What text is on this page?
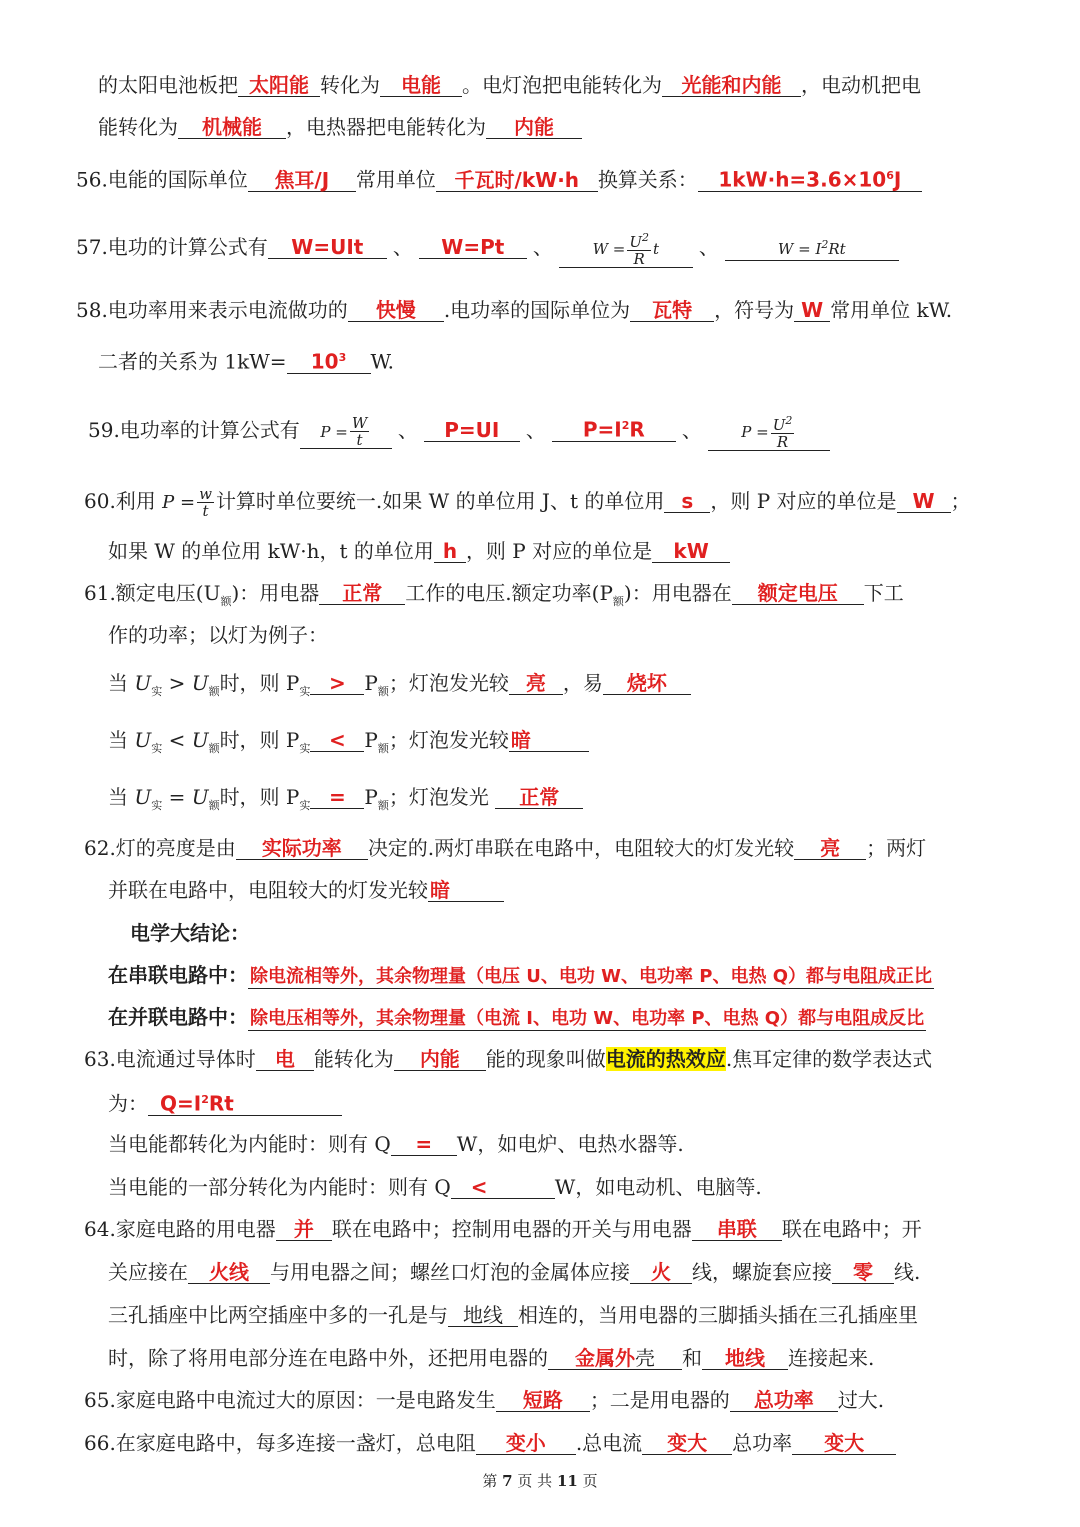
的太阳电池板把 太阳能 转化为 电能 。电灯泡把电能转化为 光能和内能 ，电动机把电
能转化为 机械能 ，电热器把电能转化为 内能
56.电能的国际单位 焦耳/J 常用单位 千瓦时/kW·h 换算关系： $1kW\cdot h=3.6\times 10^6J$
57.电功的计算公式有 W=UIt 、 W=Pt 、	$W = \frac{U^2}{R}$ t 、	$W = I^2Rt$
58.电功率用来表示电流做功的 快慢 .电功率的国际单位为 瓦特 ，符号为 W 常用单位 kW.
二者的关系为 $1kW= 10^3$ W.
59.电功率的计算公式有 $P = \frac{W}{t}$ 、 P=UI 、 $P=I^2R$ 、	$P = \frac{U^2}{R}$
60.利用 $P = \frac{w}{t}$ 计算时单位要统一.如果 W 的单位用 J、t 的单位用 s ，则 P 对应的单位是 W ；
如果 W 的单位用 kW·h，t 的单位用 h ，则 P 对应的单位是 kW
61.额定电压$(U_额)$：用电器 正常 工作的电压.额定功率$(P_额)$：用电器在 额定电压 下工
作的功率；以灯为例子：
当 $U_实 > U_额$时，则 $P_实 > P_额$；灯泡发光较 亮 ，易 烧坏
当 $U_实 < U_额$时，则 $P_实 < P_额$；灯泡发光较 暗
当 $U_实 = U_额$时，则 $P_实 = P_额$；灯泡发光 正常
62.灯的亮度是由 实际功率 决定的.两灯串联在电路中，电阻较大的灯发光较 亮 ；两灯
并联在电路中，电阻较大的灯发光较 暗
电学大结论：
在串联电路中： 除电流相等外，其余物理量（电压 U、电功 W、电功率 P、电热 Q）都与电阻成正比
在并联电路中： 除电压相等外，其余物理量（电流 I、电功 W、电功率 P、电热 Q）都与电阻成反比
63.电流通过导体时 电 能转化为 内能 能的现象叫做电流的热效应.焦耳定律的数学表达式
为： $Q=I^2Rt$
当电能都转化为内能时：则有 Q = W，如电炉、电热水器等.
当电能的一部分转化为内能时：则有 Q <	W，如电动机、电脑等.
64.家庭电路的用电器 并 联在电路中；控制用电器的开关与用电器 串联 联在电路中；开
关应接在 火线 与用电器之间；螺丝口灯泡的金属体应接 火 线，螺旋套应接 零 线.
三孔插座中比两空插座中多的一孔是与 地线 相连的，当用电器的三脚插头插在三孔插座里
时，除了将用电部分连在电路中外，还把用电器的 金属外壳 和 地线 连接起来.
65.家庭电路中电流过大的原因：一是电路发生 短路 ；二是用电器的 总功率 过大.
66.在家庭电路中，每多连接一盏灯，总电阻 变小 .总电流 变大 总功率 变大
第 7 页 共 11 页
